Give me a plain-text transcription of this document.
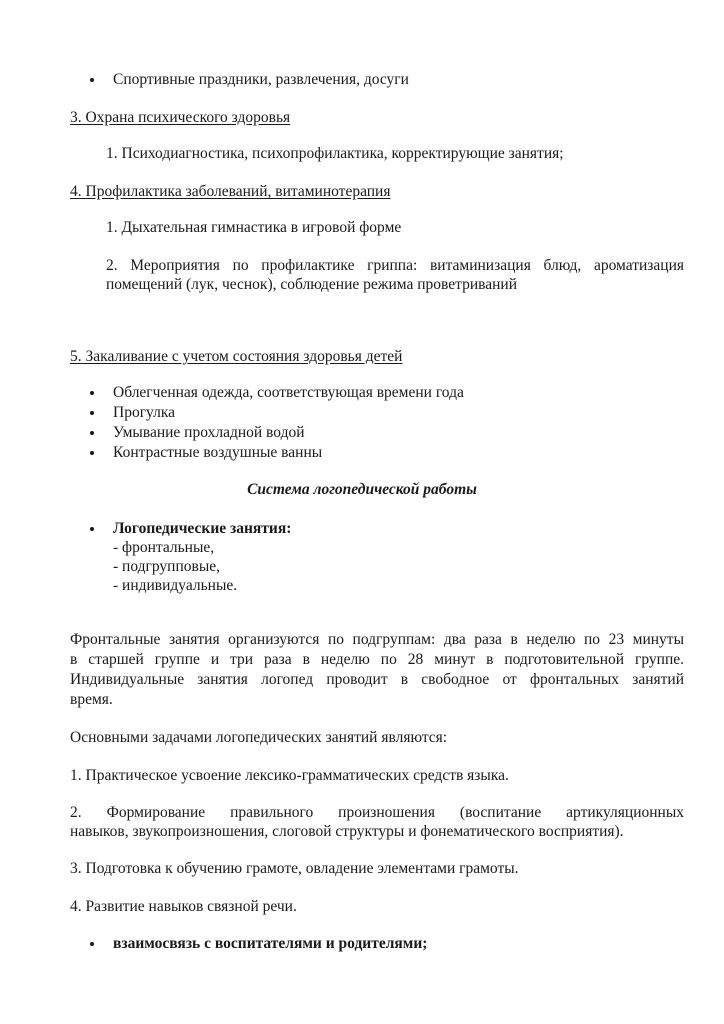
Спортивные праздники, развлечения, досуги
3. Охрана психического здоровья
1. Психодиагностика, психопрофилактика, корректирующие занятия;
4. Профилактика заболеваний, витаминотерапия
1. Дыхательная гимнастика в игровой форме
2. Мероприятия по профилактике гриппа: витаминизация блюд, ароматизация
помещений (лук, чеснок), соблюдение режима проветриваний
5. Закаливание с учетом состояния здоровья детей
Облегченная одежда, соответствующая времени года
Прогулка
Умывание прохладной водой
Контрастные воздушные ванны
Система логопедической работы
Логопедические занятия:
- фронтальные,
- подгрупповые,
- индивидуальные.
Фронтальные занятия организуются по подгруппам: два раза в неделю по 23 минуты
в старшей группе и три раза в неделю по 28 минут в подготовительной группе.
Индивидуальные занятия логопед проводит в свободное от фронтальных занятий
время.
Основными задачами логопедических занятий являются:
1. Практическое усвоение лексико-грамматических средств языка.
2. Формирование правильного произношения (воспитание артикуляционных
навыков, звукопроизношения, слоговой структуры и фонематического восприятия).
3. Подготовка к обучению грамоте, овладение элементами грамоты.
4. Развитие навыков связной речи.
взаимосвязь с воспитателями и родителями;
